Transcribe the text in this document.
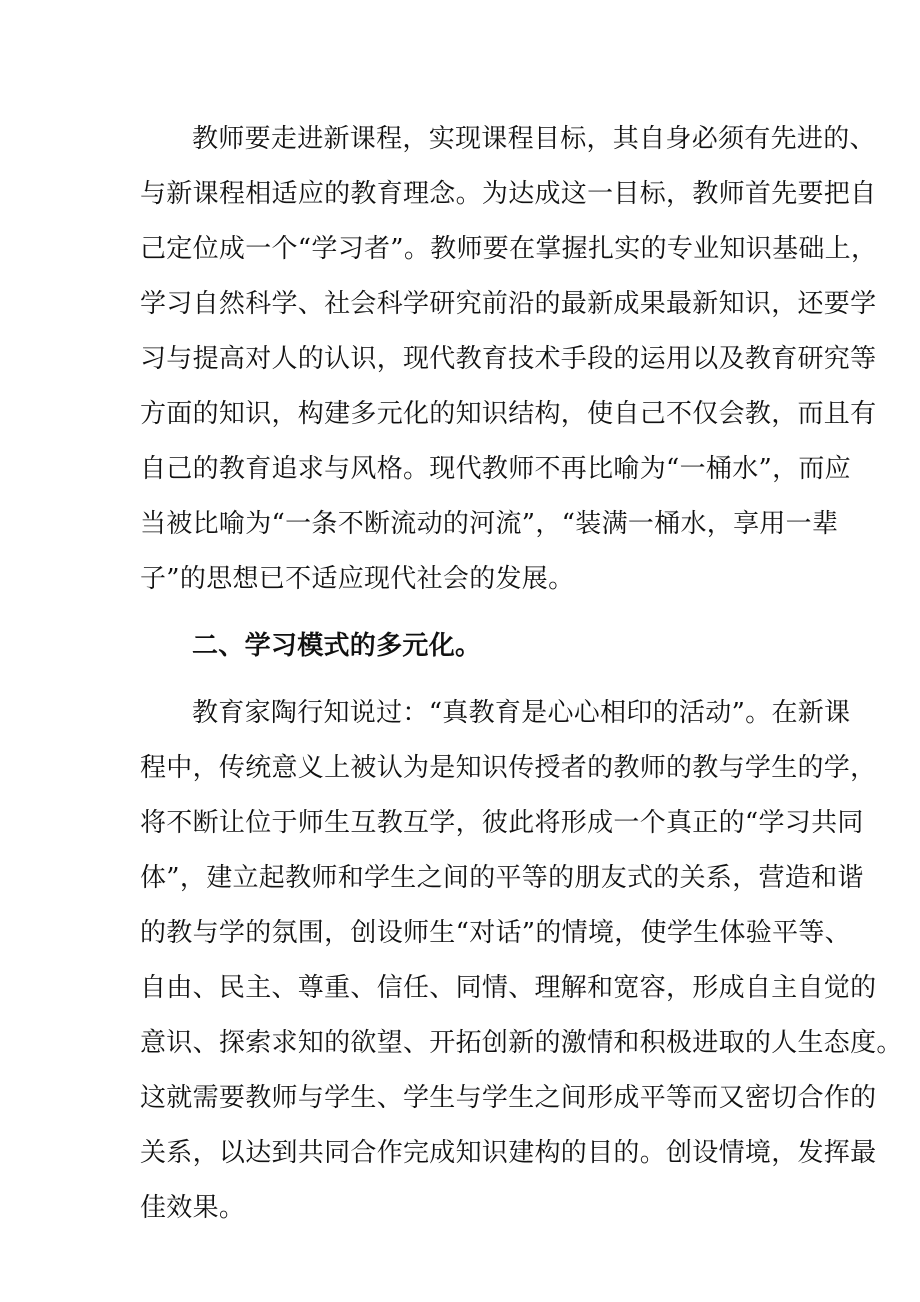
教师要走进新课程，实现课程目标，其自身必须有先进的、
与新课程相适应的教育理念。为达成这一目标，教师首先要把自
己定位成一个“学习者”。教师要在掌握扎实的专业知识基础上，
学习自然科学、社会科学研究前沿的最新成果最新知识，还要学
习与提高对人的认识，现代教育技术手段的运用以及教育研究等
方面的知识，构建多元化的知识结构，使自己不仅会教，而且有
自己的教育追求与风格。现代教师不再比喻为“一桶水”，而应
当被比喻为“一条不断流动的河流”，“装满一桶水，享用一辈
子”的思想已不适应现代社会的发展。
二、学习模式的多元化。
教育家陶行知说过：“真教育是心心相印的活动”。在新课
程中，传统意义上被认为是知识传授者的教师的教与学生的学，
将不断让位于师生互教互学，彼此将形成一个真正的“学习共同
体”，建立起教师和学生之间的平等的朋友式的关系，营造和谐
的教与学的氛围，创设师生“对话”的情境，使学生体验平等、
自由、民主、尊重、信任、同情、理解和宽容，形成自主自觉的
意识、探索求知的欲望、开拓创新的激情和积极进取的人生态度。
这就需要教师与学生、学生与学生之间形成平等而又密切合作的
关系，以达到共同合作完成知识建构的目的。创设情境，发挥最
佳效果。
